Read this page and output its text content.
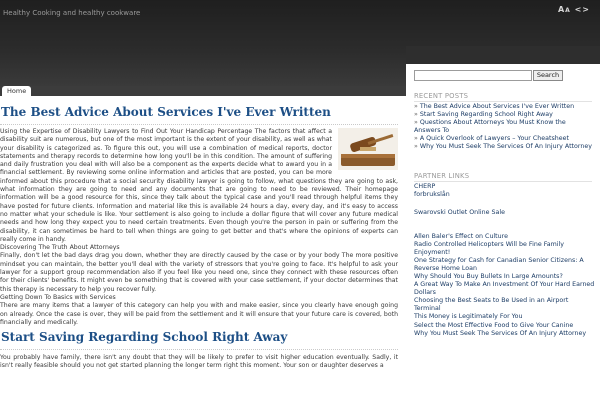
Healthy Cooking and healthy cookware	AA <>
Home
The Best Advice About Services I've Ever Written

Using the Expertise of Disability Lawyers to Find Out Your Handicap Percentage The factors that affect a disability suit are numerous, but one of the most important is the extent of your disability, as well as what your disability is categorized as. To figure this out, you will use a combination of medical reports, doctor statements and therapy records to determine how long you'll be in this condition. The amount of suffering and daily frustration you deal with will also be a component as the experts decide what to award you in a financial settlement. By reviewing some online information and articles that are posted, you can be more informed about this procedure that a social security disability lawyer is going to follow, what questions they are going to ask, what information they are going to need and any documents that are going to need to be reviewed. Their homepage information will be a good resource for this, since they talk about the typical case and you'll read through helpful items they have posted for future clients. Information and material like this is available 24 hours a day, every day, and it's easy to access no matter what your schedule is like. Your settlement is also going to include a dollar figure that will cover any future medical needs and how long they expect you to need certain treatments. Even though you're the person in pain or suffering from the disability, it can sometimes be hard to tell when things are going to get better and that's where the opinions of experts can really come in handy.

Discovering The Truth About Attorneys

Finally, don't let the bad days drag you down, whether they are directly caused by the case or by your body The more positive mindset you can maintain, the better you'll deal with the variety of stressors that you're going to face. It's helpful to ask your lawyer for a support group recommendation also if you feel like you need one, since they connect with these resources often for their clients' benefits. It might even be something that is covered with your case settlement, if your doctor determines that this therapy is necessary to help you recover fully.

Getting Down To Basics with Services

There are many items that a lawyer of this category can help you with and make easier, since you clearly have enough going on already. Once the case is over, they will be paid from the settlement and it will ensure that your future care is covered, both financially and medically.

Start Saving Regarding School Right Away

You probably have family, there isn't any doubt that they will be likely to prefer to visit higher education eventually. Sadly, it isn't really feasible should you not get started planning the longer term right this moment. Your son or daughter deserves a

Search
RECENT POSTS
» The Best Advice About Services I've Ever Written
» Start Saving Regarding School Right Away
» Questions About Attorneys You Must Know the Answers To
» A Quick Overlook of Lawyers – Your Cheatsheet
» Why You Must Seek The Services Of An Injury Attorney
PARTNER LINKS
CHERP
forbrukslån
Swarovski Outlet Online Sale
Allen Baler's Effect on Culture
Radio Controlled Helicopters Will be Fine Family Enjoyment!
One Strategy for Cash for Canadian Senior Citizens: A Reverse Home Loan
Why Should You Buy Bullets In Large Amounts?
A Great Way To Make An Investment Of Your Hard Earned Dollars
Choosing the Best Seats to Be Used in an Airport Terminal
This Money is Legitimately For You
Select the Most Effective Food to Give Your Canine
Why You Must Seek The Services Of An Injury Attorney
